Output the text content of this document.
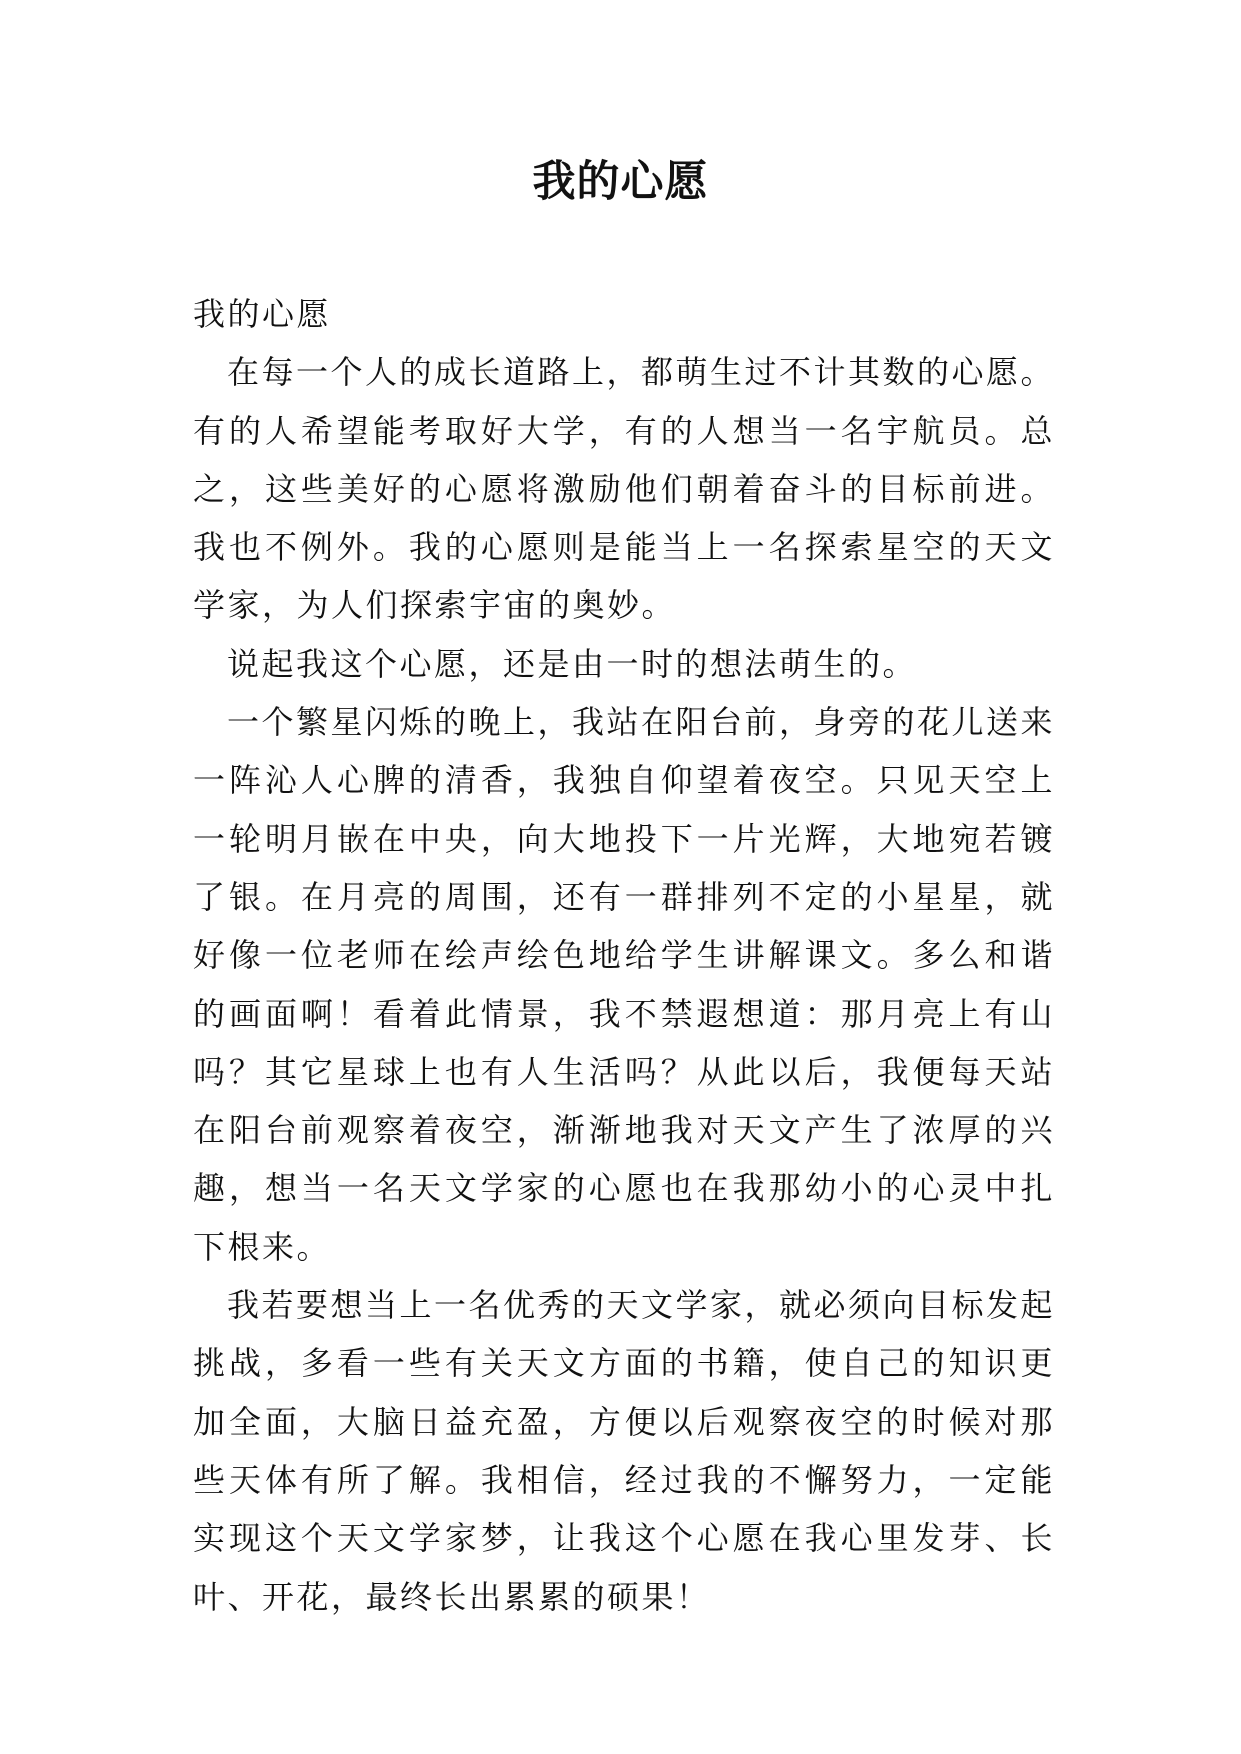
我的心愿

我的心愿

在每一个人的成长道路上，都萌生过不计其数的心愿。有的人希望能考取好大学，有的人想当一名宇航员。总之，这些美好的心愿将激励他们朝着奋斗的目标前进。我也不例外。我的心愿则是能当上一名探索星空的天文学家，为人们探索宇宙的奥妙。

说起我这个心愿，还是由一时的想法萌生的。

一个繁星闪烁的晚上，我站在阳台前，身旁的花儿送来一阵沁人心脾的清香，我独自仰望着夜空。只见天空上一轮明月嵌在中央，向大地投下一片光辉，大地宛若镀了银。在月亮的周围，还有一群排列不定的小星星，就好像一位老师在绘声绘色地给学生讲解课文。多么和谐的画面啊！看着此情景，我不禁遐想道：那月亮上有山吗？其它星球上也有人生活吗？从此以后，我便每天站在阳台前观察着夜空，渐渐地我对天文产生了浓厚的兴趣，想当一名天文学家的心愿也在我那幼小的心灵中扎下根来。

我若要想当上一名优秀的天文学家，就必须向目标发起挑战，多看一些有关天文方面的书籍，使自己的知识更加全面，大脑日益充盈，方便以后观察夜空的时候对那些天体有所了解。我相信，经过我的不懈努力，一定能实现这个天文学家梦，让我这个心愿在我心里发芽、长叶、开花，最终长出累累的硕果！
